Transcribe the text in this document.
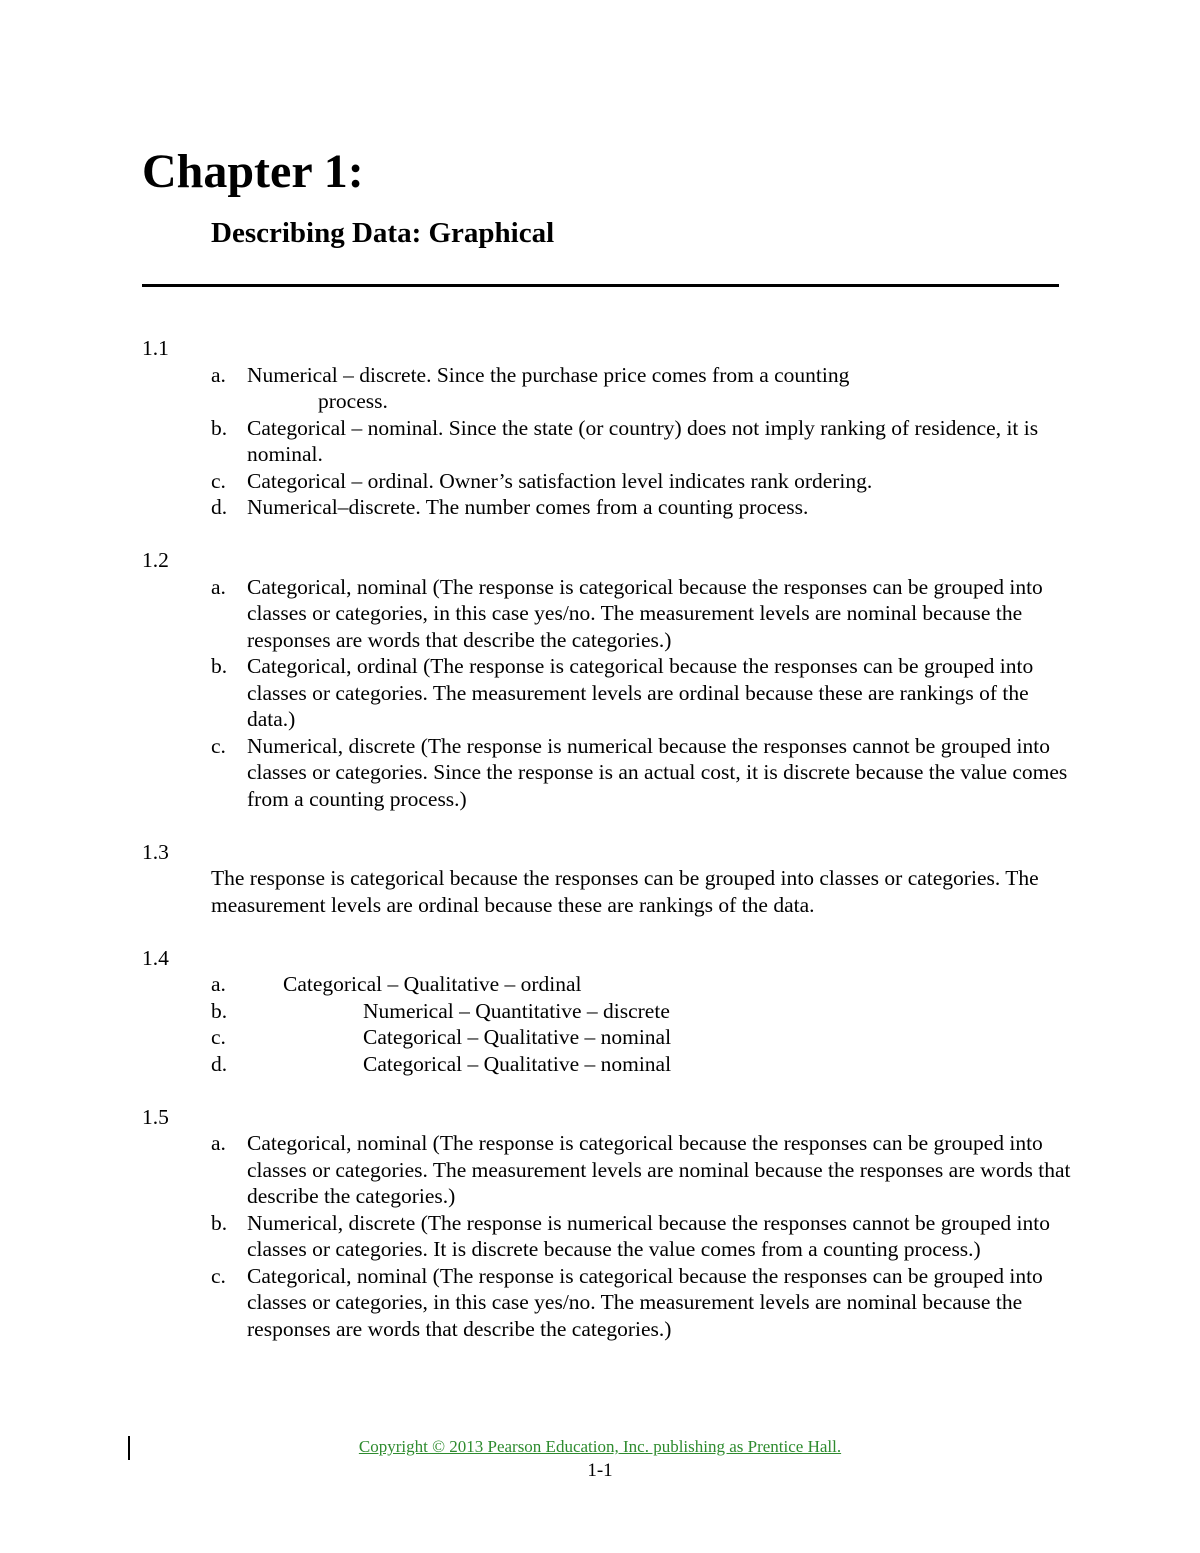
Chapter 1:
Describing Data: Graphical
1.1
a. Numerical – discrete. Since the purchase price comes from a counting
process.
b. Categorical – nominal. Since the state (or country) does not imply ranking of residence, it is nominal.
c. Categorical – ordinal. Owner’s satisfaction level indicates rank ordering.
d. Numerical–discrete. The number comes from a counting process.
1.2
a. Categorical, nominal (The response is categorical because the responses can be grouped into classes or categories, in this case yes/no. The measurement levels are nominal because the responses are words that describe the categories.)
b. Categorical, ordinal (The response is categorical because the responses can be grouped into classes or categories. The measurement levels are ordinal because these are rankings of the data.)
c. Numerical, discrete (The response is numerical because the responses cannot be grouped into classes or categories. Since the response is an actual cost, it is discrete because the value comes from a counting process.)
1.3
The response is categorical because the responses can be grouped into classes or categories. The measurement levels are ordinal because these are rankings of the data.
1.4
a.	Categorical – Qualitative – ordinal
b.	Numerical – Quantitative – discrete
c.	Categorical – Qualitative – nominal
d.	Categorical – Qualitative – nominal
1.5
a. Categorical, nominal (The response is categorical because the responses can be grouped into classes or categories. The measurement levels are nominal because the responses are words that describe the categories.)
b. Numerical, discrete (The response is numerical because the responses cannot be grouped into classes or categories. It is discrete because the value comes from a counting process.)
c. Categorical, nominal (The response is categorical because the responses can be grouped into classes or categories, in this case yes/no. The measurement levels are nominal because the responses are words that describe the categories.)
Copyright © 2013 Pearson Education, Inc. publishing as Prentice Hall.
1-1
